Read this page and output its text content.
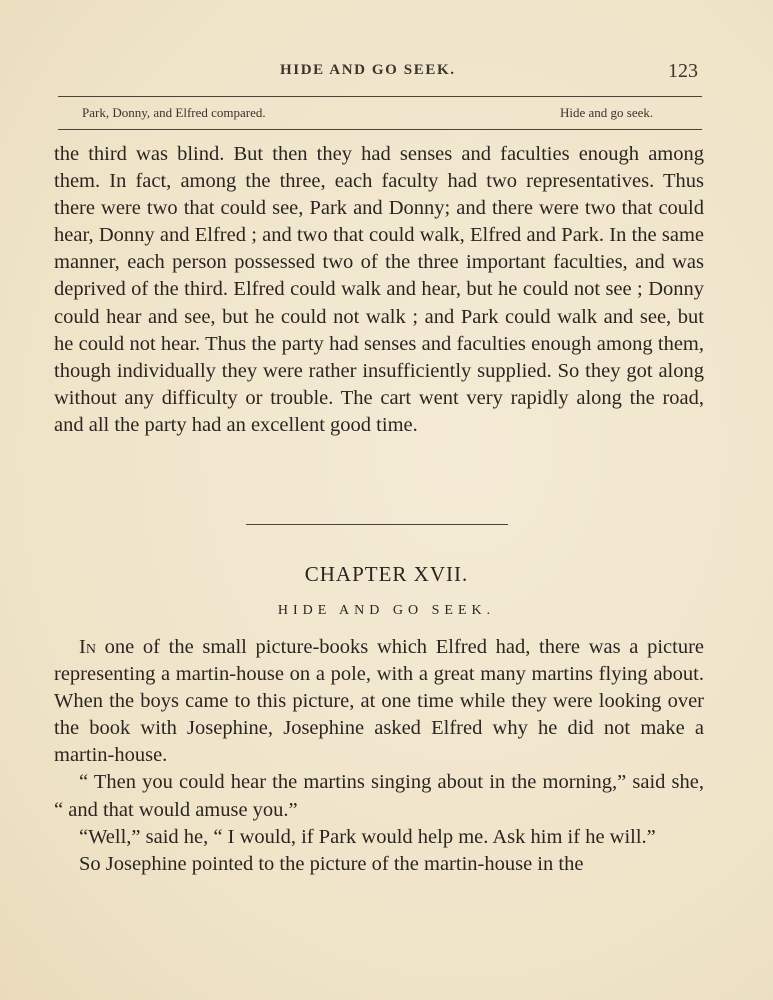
HIDE AND GO SEEK.	123
Park, Donny, and Elfred compared.	Hide and go seek.

the third was blind. But then they had senses and faculties enough among them. In fact, among the three, each faculty had two representatives. Thus there were two that could see, Park and Donny; and there were two that could hear, Donny and Elfred ; and two that could walk, Elfred and Park. In the same manner, each person possessed two of the three important faculties, and was deprived of the third. Elfred could walk and hear, but he could not see ; Donny could hear and see, but he could not walk ; and Park could walk and see, but he could not hear. Thus the party had senses and faculties enough among them, though individually they were rather insufficiently supplied. So they got along without any difficulty or trouble. The cart went very rapidly along the road, and all the party had an excellent good time.

CHAPTER XVII.
HIDE AND GO SEEK.

In one of the small picture-books which Elfred had, there was a picture representing a martin-house on a pole, with a great many martins flying about. When the boys came to this picture, at one time while they were looking over the book with Josephine, Josephine asked Elfred why he did not make a martin-house.

“ Then you could hear the martins singing about in the morning,” said she, “ and that would amuse you.”

“Well,” said he, “ I would, if Park would help me. Ask him if he will.”

So Josephine pointed to the picture of the martin-house in the
